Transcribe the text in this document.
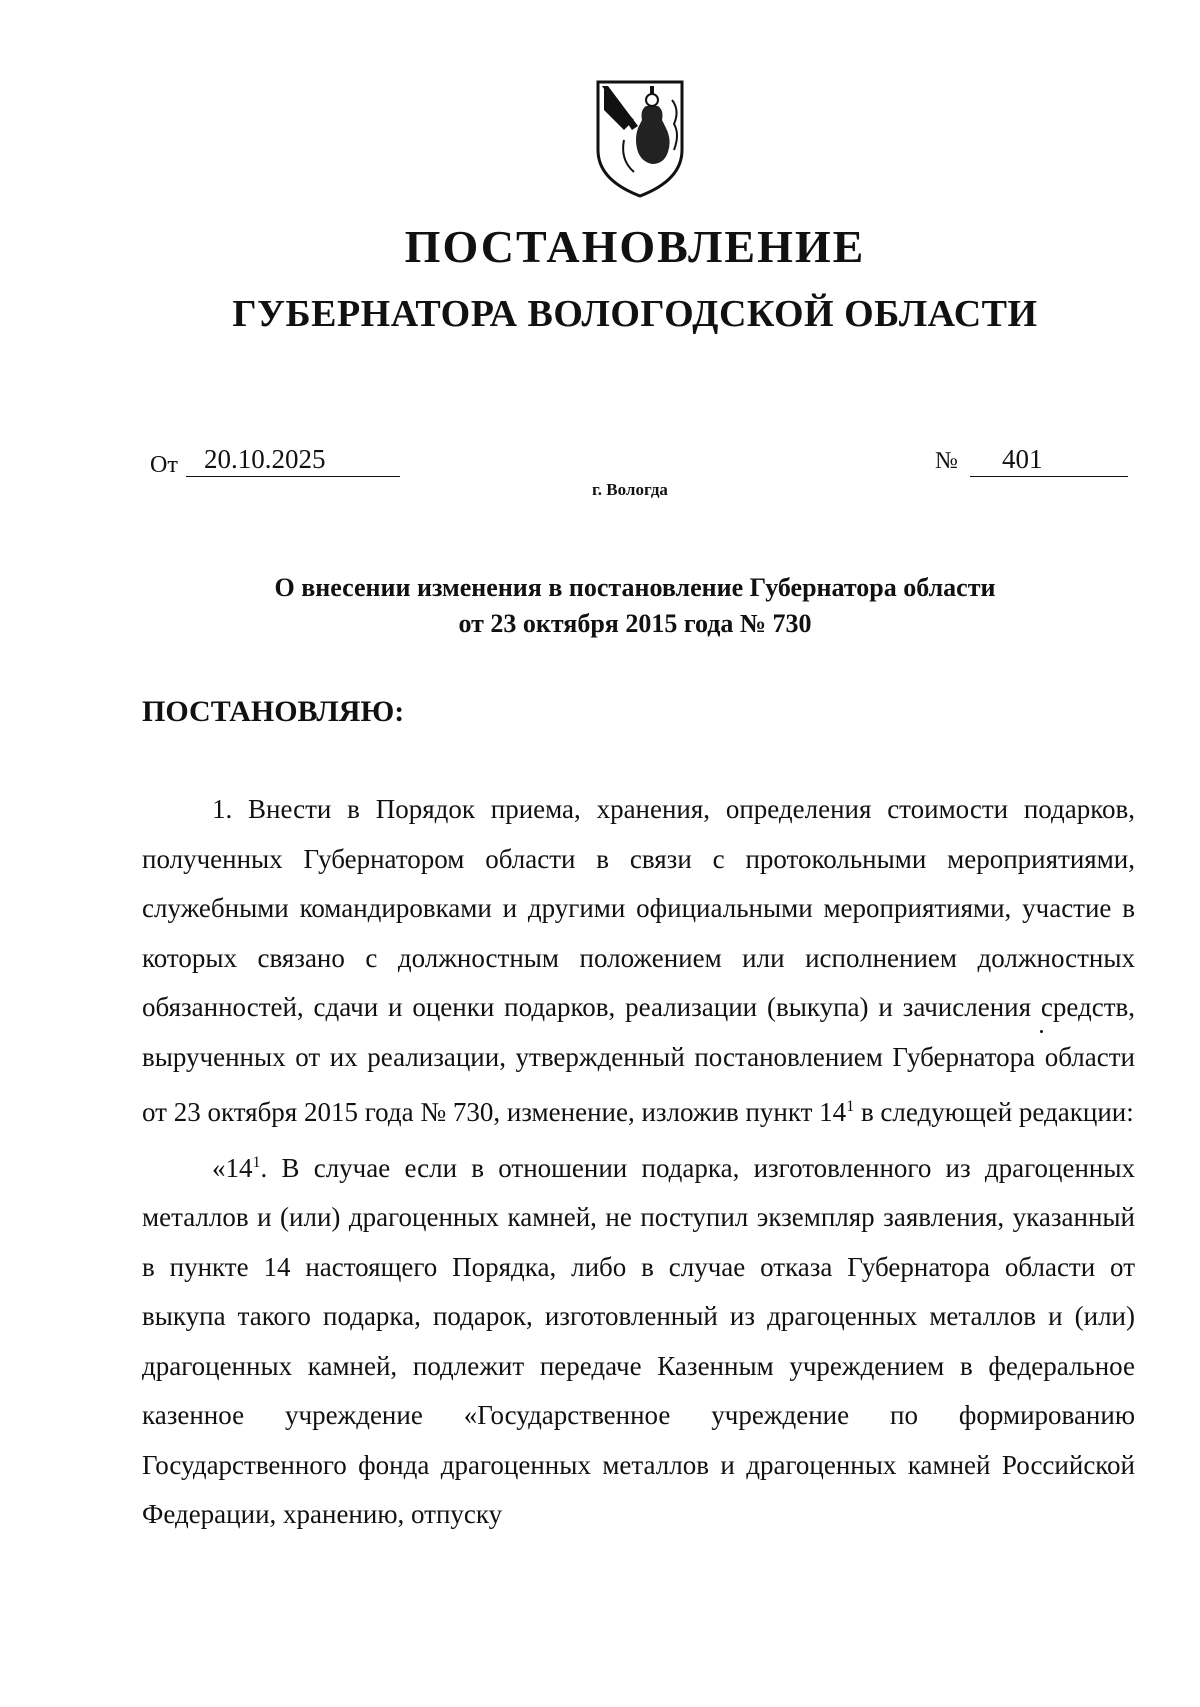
ПОСТАНОВЛЕНИЕ
ГУБЕРНАТОРА ВОЛОГОДСКОЙ ОБЛАСТИ
От 20.10.2025	№	401
г. Вологда
О внесении изменения в постановление Губернатора области
от 23 октября 2015 года № 730
ПОСТАНОВЛЯЮ:

1. Внести в Порядок приема, хранения, определения стоимости подарков, полученных Губернатором области в связи с протокольными мероприятиями, служебными командировками и другими официальными мероприятиями, участие в которых связано с должностным положением или исполнением должностных обязанностей, сдачи и оценки подарков, реализации (выкупа) и зачисления средств, вырученных от их реализации, утвержденный постановлением Губернатора области от 23 октября 2015 года № 730, изменение, изложив пункт $14^1$ в следующей редакции:

«$14^1$. В случае если в отношении подарка, изготовленного из драгоценных металлов и (или) драгоценных камней, не поступил экземпляр заявления, указанный в пункте 14 настоящего Порядка, либо в случае отказа Губернатора области от выкупа такого подарка, подарок, изготовленный из драгоценных металлов и (или) драгоценных камней, подлежит передаче Казенным учреждением в федеральное казенное учреждение «Государственное учреждение по формированию Государственного фонда драгоценных металлов и драгоценных камней Российской Федерации, хранению, отпуску
